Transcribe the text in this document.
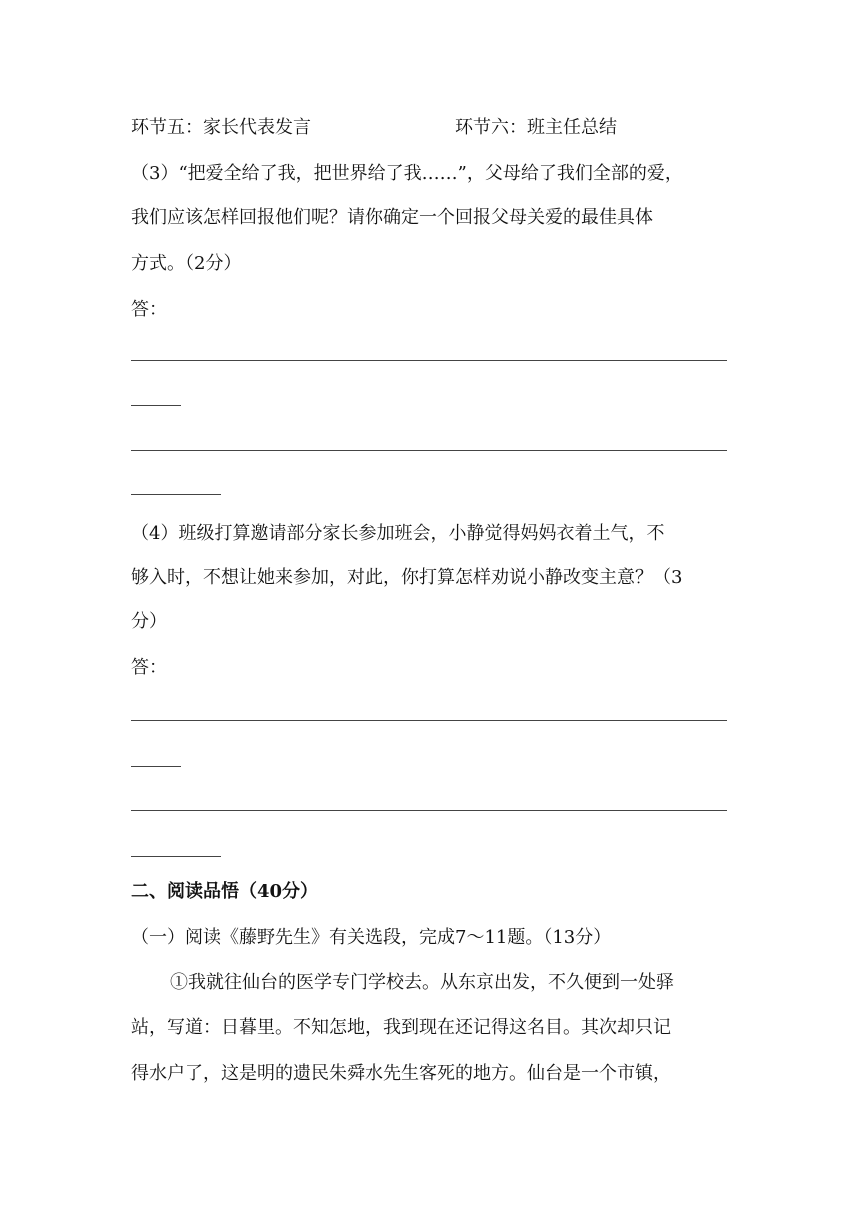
环节五：家长代表发言	环节六：班主任总结
（3）“把爱全给了我，把世界给了我……”，父母给了我们全部的爱，
我们应该怎样回报他们呢？请你确定一个回报父母关爱的最佳具体
方式。（2分）
答：
（4）班级打算邀请部分家长参加班会，小静觉得妈妈衣着土气，不
够入时，不想让她来参加，对此，你打算怎样劝说小静改变主意？（3
分）
答：
二、阅读品悟（40分）
（一）阅读《藤野先生》有关选段，完成7～11题。（13分）
①我就往仙台的医学专门学校去。从东京出发，不久便到一处驿
站，写道：日暮里。不知怎地，我到现在还记得这名目。其次却只记
得水户了，这是明的遗民朱舜水先生客死的地方。仙台是一个市镇，
